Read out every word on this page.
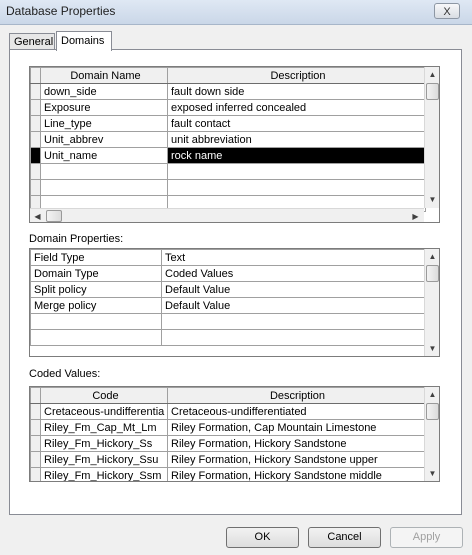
Database Properties	X
General Domains
	Domain Name	Description
	down_side	fault down side
	Exposure	exposed inferred concealed
	Line_type	fault contact
	Unit_abbrev	unit abbreviation
	Unit_name	rock name

▲
▼
◀	▶
Domain Properties:
Field Type	Text
Domain Type	Coded Values
Split policy	Default Value
Merge policy	Default Value

▲
▼
Coded Values:
	Code	Description
	Cretaceous-undifferentia	Cretaceous-undifferentiated
	Riley_Fm_Cap_Mt_Lm	Riley Formation, Cap Mountain Limestone
	Riley_Fm_Hickory_Ss	Riley Formation, Hickory Sandstone
	Riley_Fm_Hickory_Ssu	Riley Formation, Hickory Sandstone upper
	Riley_Fm_Hickory_Ssm	Riley Formation, Hickory Sandstone middle
▲
▼
OK	Cancel	Apply
